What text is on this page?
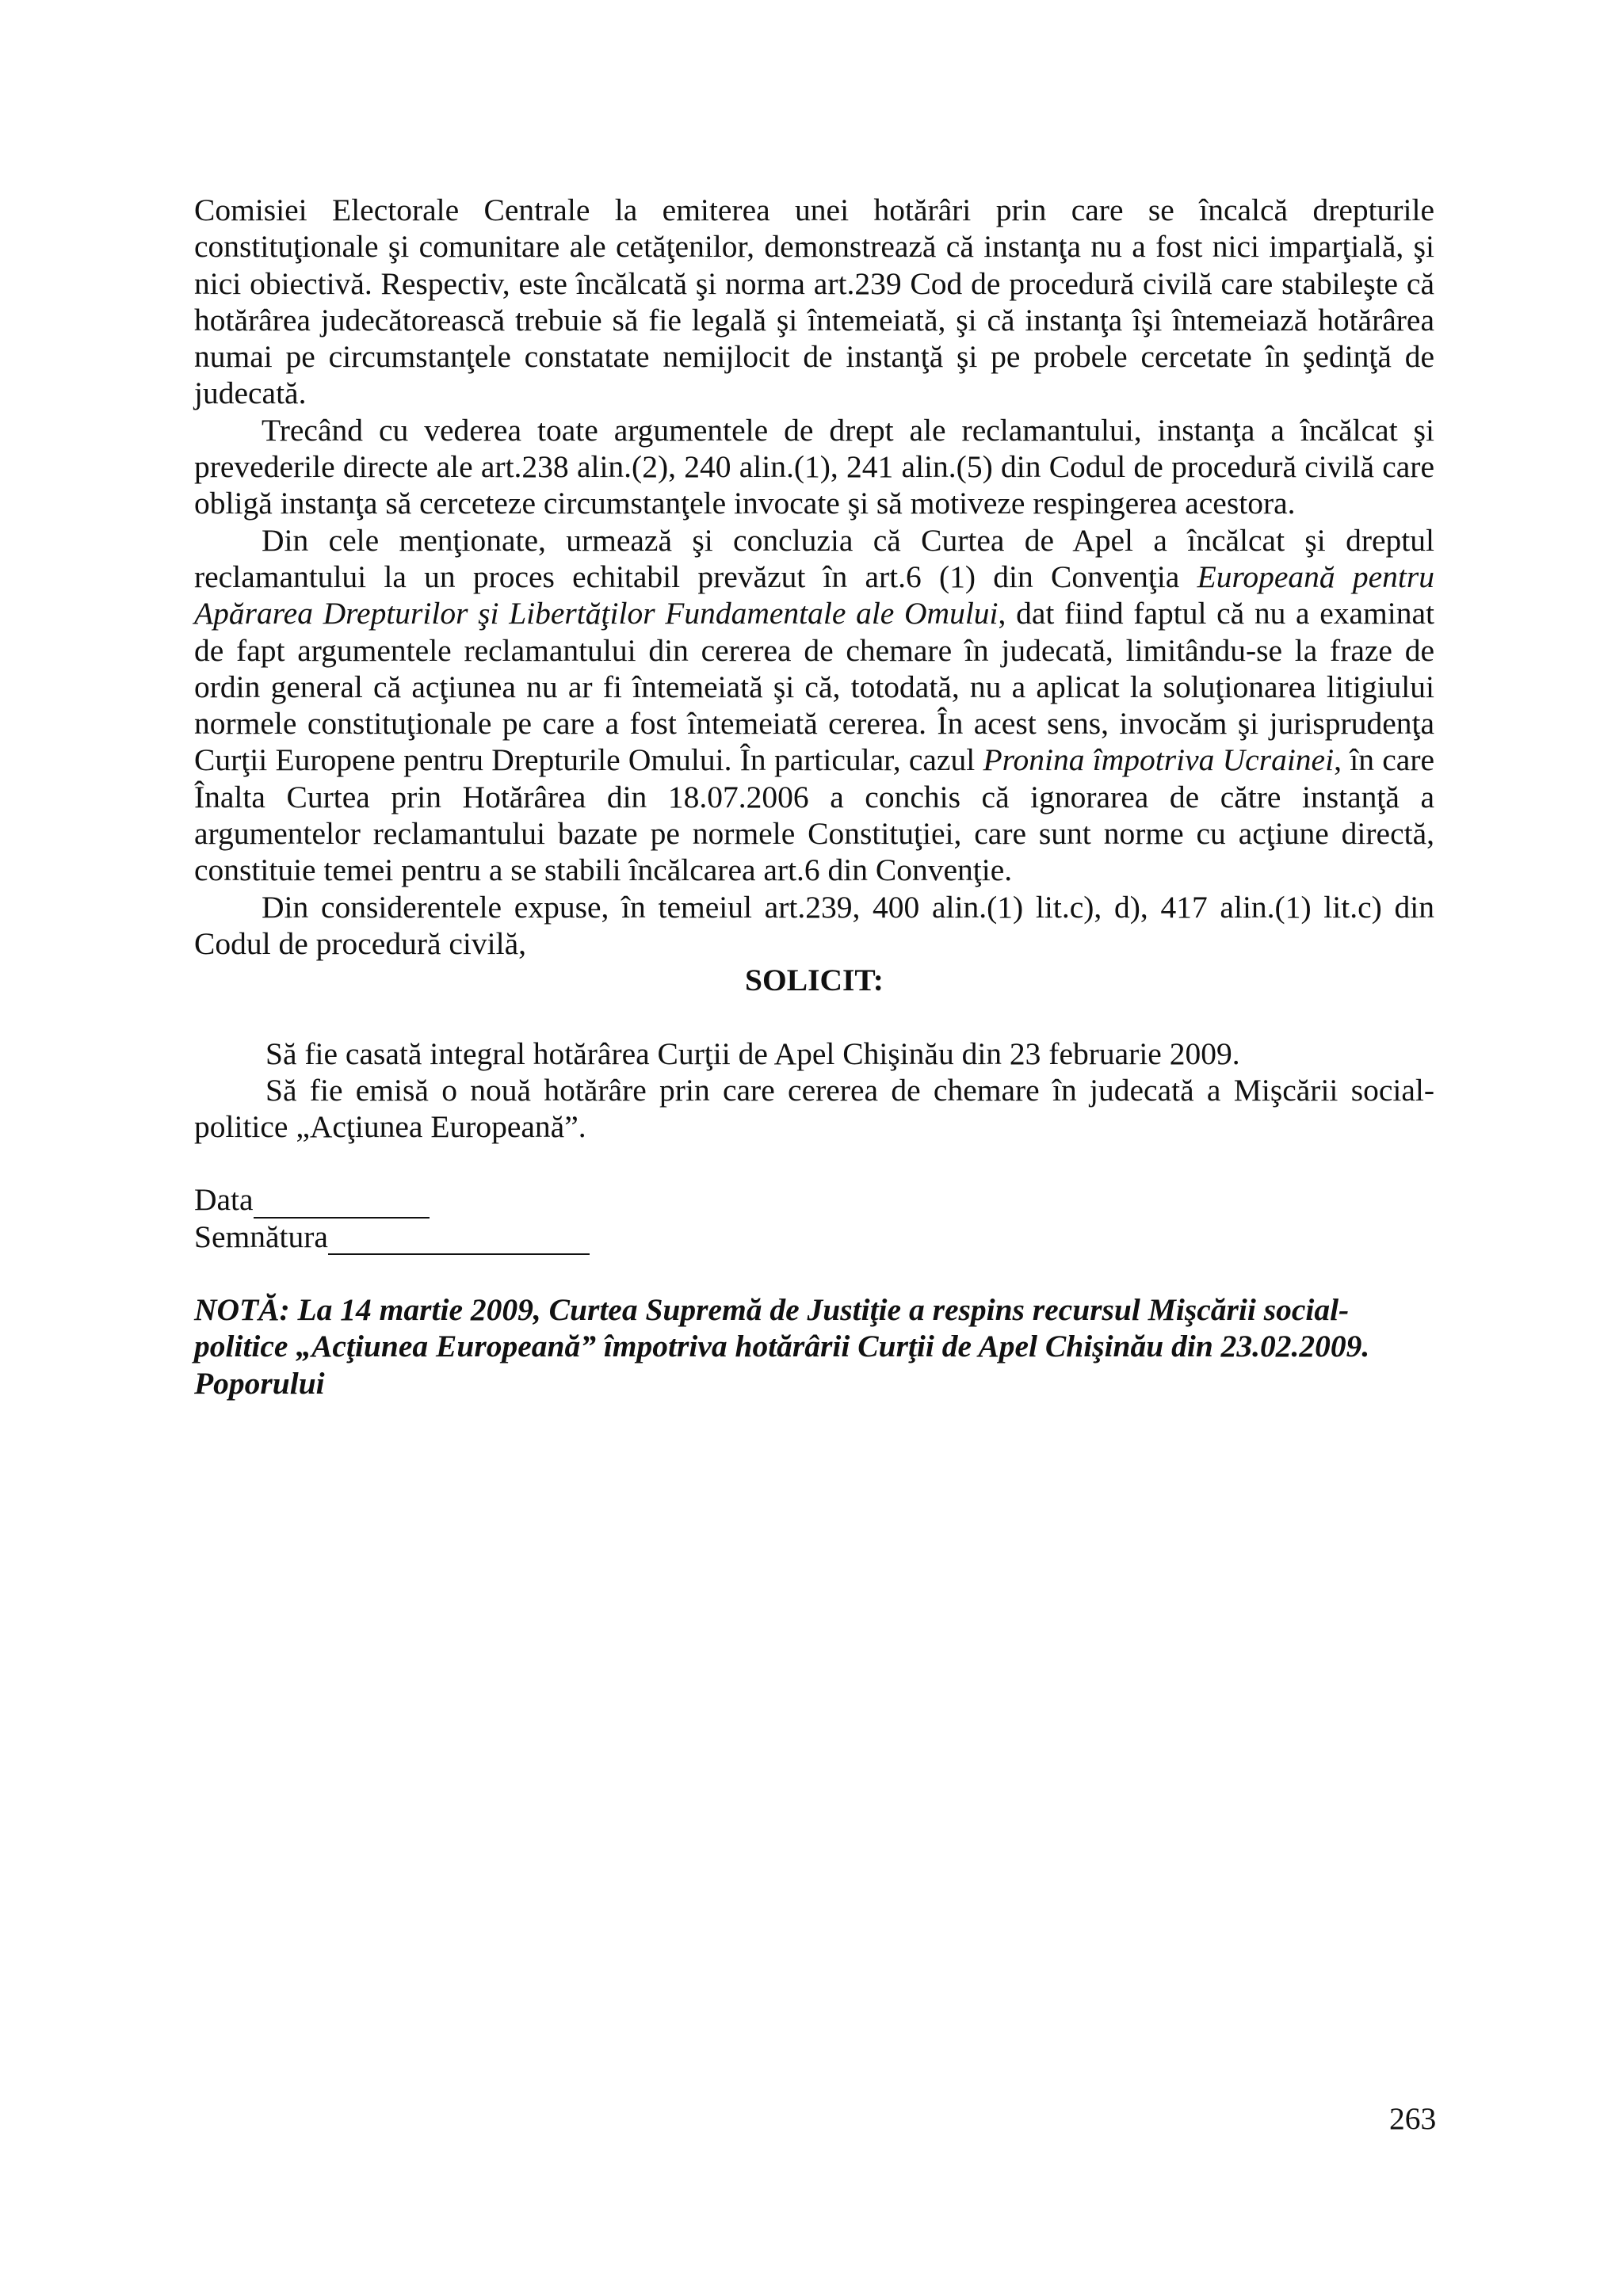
Comisiei Electorale Centrale la emiterea unei hotărâri prin care se încalcă drepturile constituţionale şi comunitare ale cetăţenilor, demonstrează că instanţa nu a fost nici imparţială, şi nici obiectivă. Respectiv, este încălcată şi norma art.239 Cod de procedură civilă care stabileşte că hotărârea judecătorească trebuie să fie legală şi întemeiată, şi că instanţa îşi întemeiază hotărârea numai pe circumstanţele constatate nemijlocit de instanţă şi pe probele cercetate în şedinţă de judecată.

Trecând cu vederea toate argumentele de drept ale reclamantului, instanţa a încălcat şi prevederile directe ale art.238 alin.(2), 240 alin.(1), 241 alin.(5) din Codul de procedură civilă care obligă instanţa să cerceteze circumstanţele invocate şi să motiveze respingerea acestora.

Din cele menţionate, urmează şi concluzia că Curtea de Apel a încălcat şi dreptul reclamantului la un proces echitabil prevăzut în art.6 (1) din Convenţia Europeană pentru Apărarea Drepturilor şi Libertăţilor Fundamentale ale Omului, dat fiind faptul că nu a examinat de fapt argumentele reclamantului din cererea de chemare în judecată, limitându-se la fraze de ordin general că acţiunea nu ar fi întemeiată şi că, totodată, nu a aplicat la soluţionarea litigiului normele constituţionale pe care a fost întemeiată cererea. În acest sens, invocăm şi jurisprudenţa Curţii Europene pentru Drepturile Omului. În particular, cazul Pronina împotriva Ucrainei, în care Înalta Curtea prin Hotărârea din 18.07.2006 a conchis că ignorarea de către instanţă a argumentelor reclamantului bazate pe normele Constituţiei, care sunt norme cu acţiune directă, constituie temei pentru a se stabili încălcarea art.6 din Convenţie.

Din considerentele expuse, în temeiul art.239, 400 alin.(1) lit.c), d), 417 alin.(1) lit.c) din Codul de procedură civilă,

SOLICIT:

Să fie casată integral hotărârea Curţii de Apel Chişinău din 23 februarie 2009.

Să fie emisă o nouă hotărâre prin care cererea de chemare în judecată a Mişcării social-politice „Acţiunea Europeană”.

Data
Semnătura

NOTĂ: La 14 martie 2009, Curtea Supremă de Justiţie a respins recursul Mişcării social-politice „Acţiunea Europeană” împotriva hotărârii Curţii de Apel Chişinău din 23.02.2009. Poporului

263
